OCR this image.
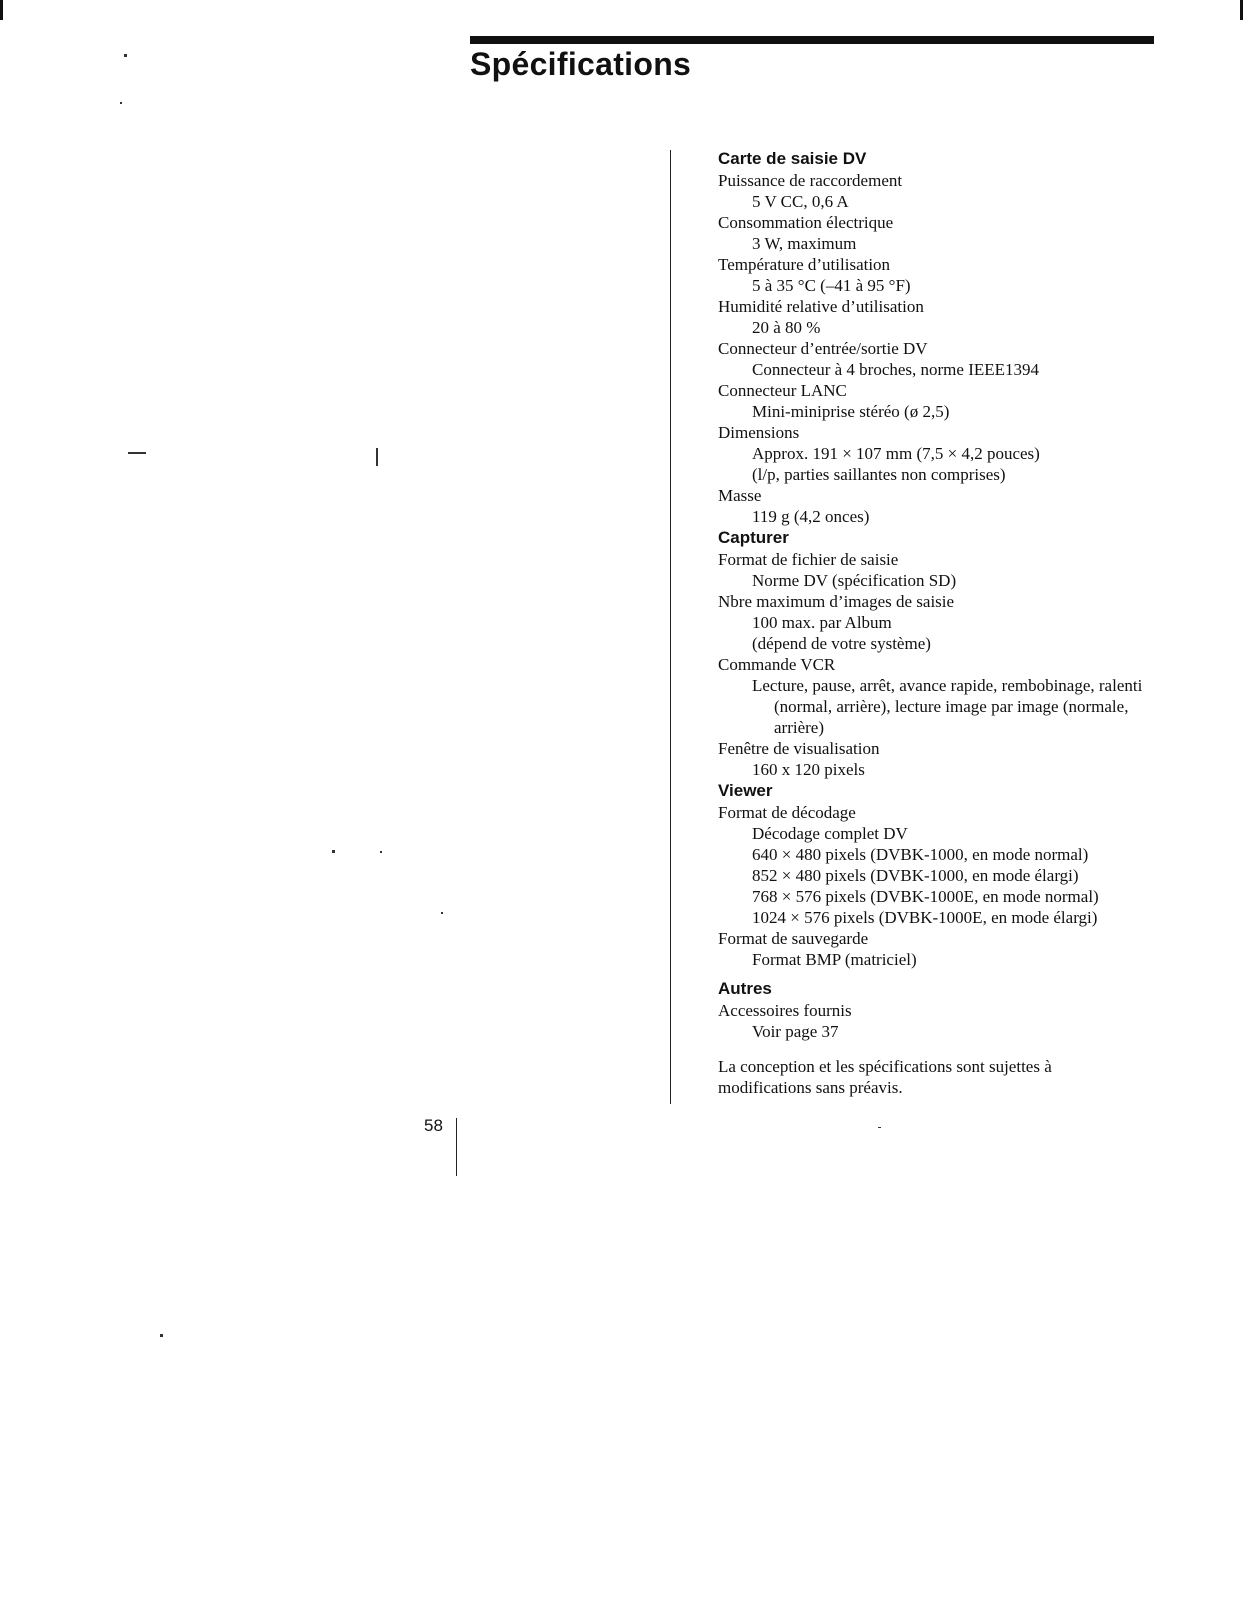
Spécifications
Carte de saisie DV
Puissance de raccordement
5 V CC, 0,6 A
Consommation électrique
3 W, maximum
Température d’utilisation
5 à 35 °C (–41 à 95 °F)
Humidité relative d’utilisation
20 à 80 %
Connecteur d’entrée/sortie DV
Connecteur à 4 broches, norme IEEE1394
Connecteur LANC
Mini-miniprise stéréo (ø 2,5)
Dimensions
Approx. 191 × 107 mm (7,5 × 4,2 pouces)
(l/p, parties saillantes non comprises)
Masse
119 g (4,2 onces)
Capturer
Format de fichier de saisie
Norme DV (spécification SD)
Nbre maximum d’images de saisie
100 max. par Album
(dépend de votre système)
Commande VCR
Lecture, pause, arrêt, avance rapide, rembobinage, ralenti (normal, arrière), lecture image par image (normale, arrière)
Fenêtre de visualisation
160 x 120 pixels
Viewer
Format de décodage
Décodage complet DV
640 × 480 pixels (DVBK-1000, en mode normal)
852 × 480 pixels (DVBK-1000, en mode élargi)
768 × 576 pixels (DVBK-1000E, en mode normal)
1024 × 576 pixels (DVBK-1000E, en mode élargi)
Format de sauvegarde
Format BMP (matriciel)
Autres
Accessoires fournis
Voir page 37

La conception et les spécifications sont sujettes à modifications sans préavis.

58
